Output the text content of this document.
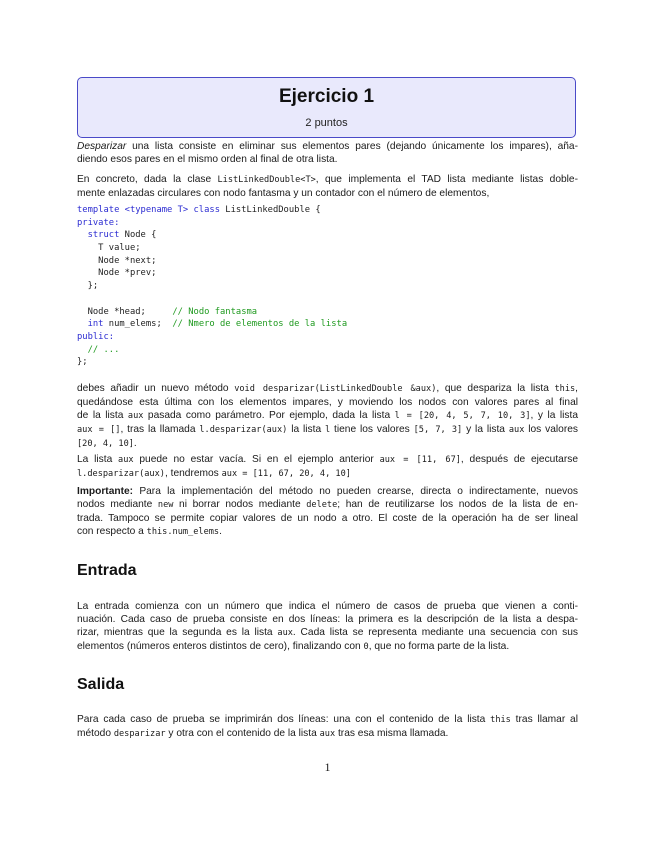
Ejercicio 1
2 puntos
Desparizar una lista consiste en eliminar sus elementos pares (dejando únicamente los impares), aña-
diendo esos pares en el mismo orden al final de otra lista.
En concreto, dada la clase ListLinkedDouble<T>, que implementa el TAD lista mediante listas doble-
mente enlazadas circulares con nodo fantasma y un contador con el número de elementos,
template <typename T> class ListLinkedDouble {
private:
struct Node {
T value;
Node *next;
Node *prev;
};
Node *head;     // Nodo fantasma
int num_elems;  // Nmero de elementos de la lista
public:
// ...
};
debes añadir un nuevo método void desparizar(ListLinkedDouble &aux), que despariza la lista this,
quedándose esta última con los elementos impares, y moviendo los nodos con valores pares al final
de la lista aux pasada como parámetro. Por ejemplo, dada la lista l = [20, 4, 5, 7, 10, 3], y la lista
aux = [], tras la llamada l.desparizar(aux) la lista l tiene los valores [5, 7, 3] y la lista aux los valores
[20, 4, 10].
La lista aux puede no estar vacía. Si en el ejemplo anterior aux = [11, 67], después de ejecutarse
l.desparizar(aux), tendremos aux = [11, 67, 20, 4, 10]
Importante: Para la implementación del método no pueden crearse, directa o indirectamente, nuevos
nodos mediante new ni borrar nodos mediante delete; han de reutilizarse los nodos de la lista de en-
trada. Tampoco se permite copiar valores de un nodo a otro. El coste de la operación ha de ser lineal
con respecto a this.num_elems.
Entrada
La entrada comienza con un número que indica el número de casos de prueba que vienen a conti-
nuación. Cada caso de prueba consiste en dos líneas: la primera es la descripción de la lista a despa-
rizar, mientras que la segunda es la lista aux. Cada lista se representa mediante una secuencia con sus
elementos (números enteros distintos de cero), finalizando con 0, que no forma parte de la lista.
Salida
Para cada caso de prueba se imprimirán dos líneas: una con el contenido de la lista this tras llamar al
método desparizar y otra con el contenido de la lista aux tras esa misma llamada.
1
